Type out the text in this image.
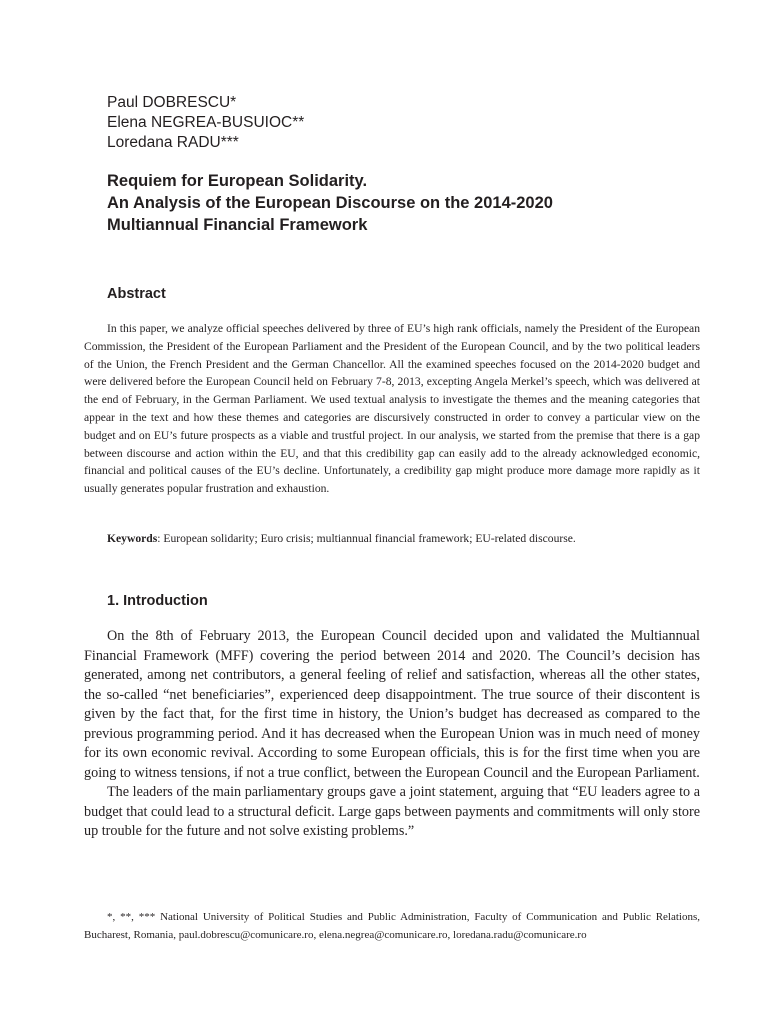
Paul DOBRESCU*
Elena NEGREA-BUSUIOC**
Loredana RADU***
Requiem for European Solidarity.
An Analysis of the European Discourse on the 2014-2020
Multiannual Financial Framework
Abstract

In this paper, we analyze official speeches delivered by three of EU’s high rank officials, namely the President of the European Commission, the President of the European Parliament and the President of the European Council, and by the two political leaders of the Union, the French President and the German Chancellor. All the examined speeches focused on the 2014-2020 budget and were delivered before the European Council held on February 7-8, 2013, excepting Angela Merkel’s speech, which was delivered at the end of February, in the German Parliament. We used textual analysis to investigate the themes and the meaning categories that appear in the text and how these themes and categories are discursively constructed in order to convey a particular view on the budget and on EU’s future prospects as a viable and trustful project. In our analysis, we started from the premise that there is a gap between discourse and action within the EU, and that this credibility gap can easily add to the already acknowledged economic, financial and political causes of the EU’s decline. Unfortunately, a credibility gap might produce more damage more rapidly as it usually generates popular frustration and exhaustion.

Keywords: European solidarity; Euro crisis; multiannual financial framework; EU-related discourse.

1. Introduction

On the 8th of February 2013, the European Council decided upon and validated the Multiannual Financial Framework (MFF) covering the period between 2014 and 2020. The Council’s decision has generated, among net contributors, a general feeling of relief and satisfaction, whereas all the other states, the so-called “net beneficiaries”, experienced deep disappointment. The true source of their discontent is given by the fact that, for the first time in history, the Union’s budget has decreased as compared to the previous programming period. And it has decreased when the European Union was in much need of money for its own economic revival. According to some European officials, this is for the first time when you are going to witness tensions, if not a true conflict, between the European Council and the European Parliament.

The leaders of the main parliamentary groups gave a joint statement, arguing that “EU leaders agree to a budget that could lead to a structural deficit. Large gaps between payments and commitments will only store up trouble for the future and not solve existing problems.”

*, **, *** National University of Political Studies and Public Administration, Faculty of Communication and Public Relations, Bucharest, Romania, paul.dobrescu@comunicare.ro, elena.negrea@comunicare.ro, loredana.radu@comunicare.ro
